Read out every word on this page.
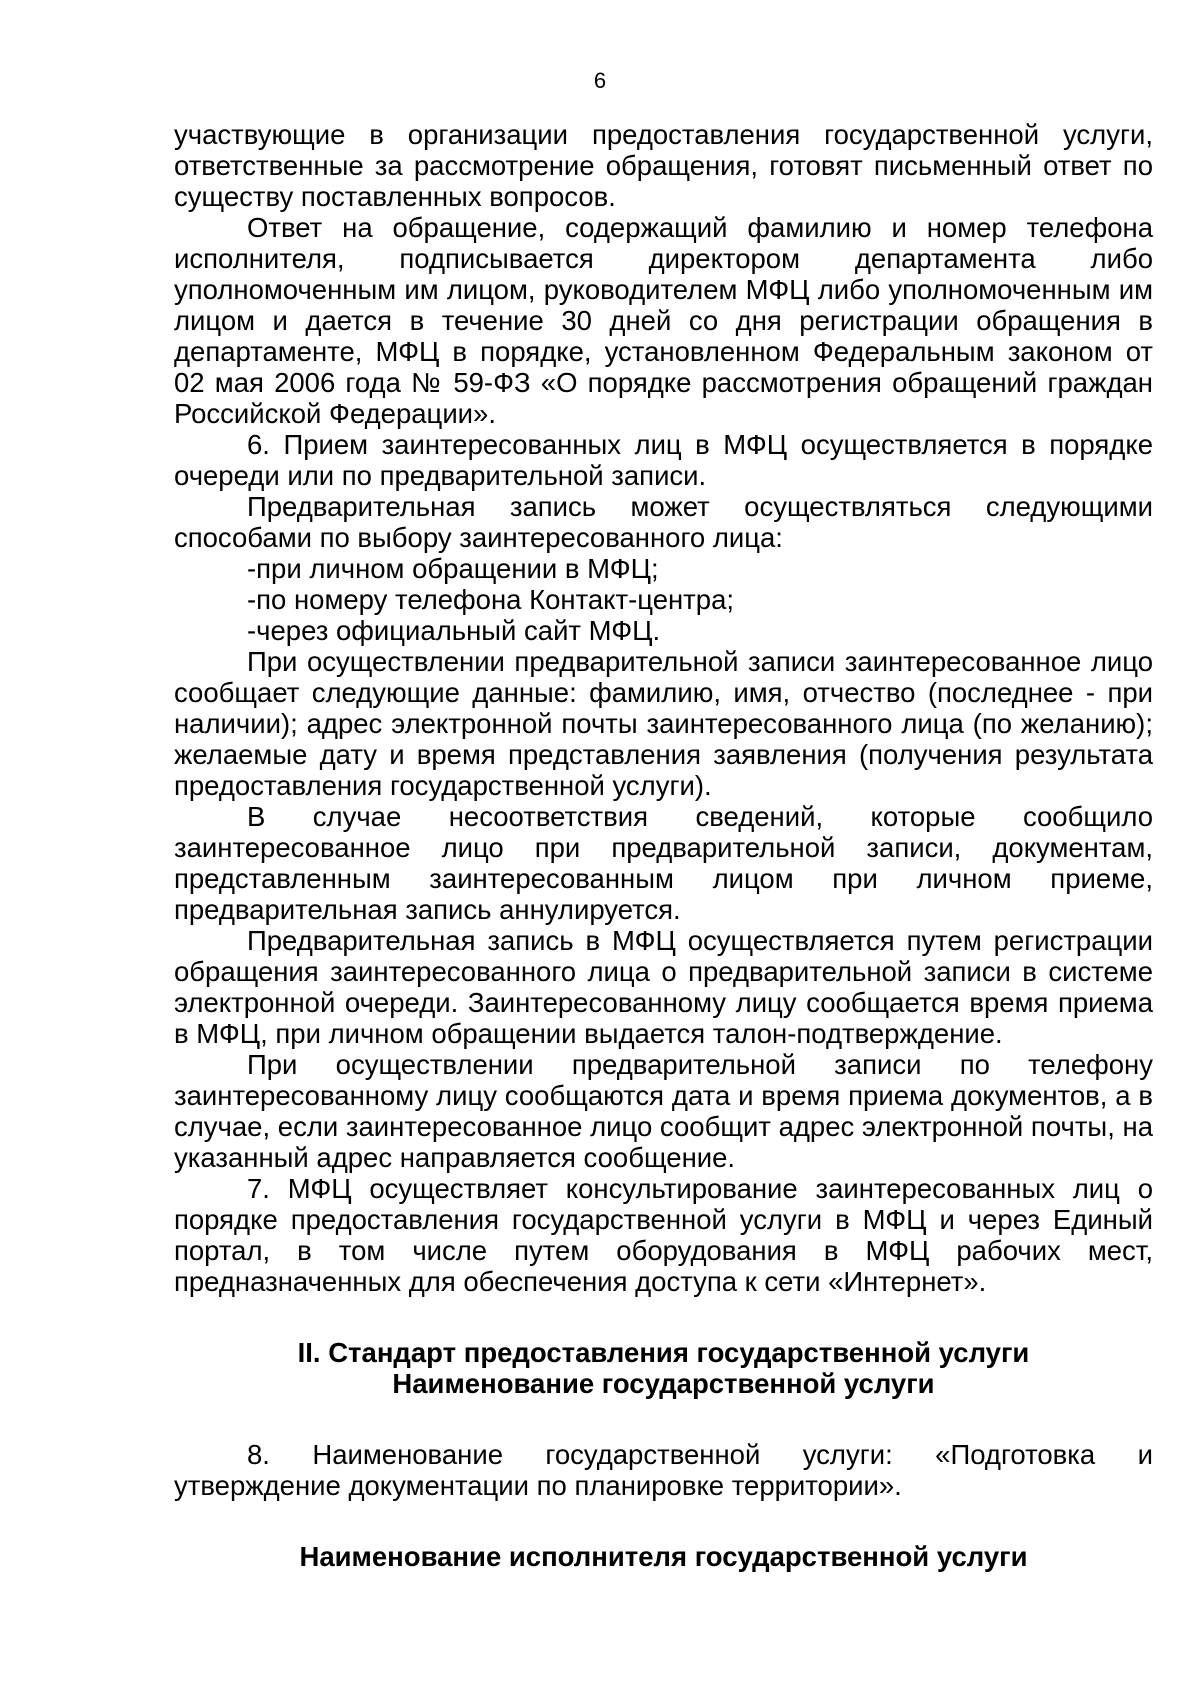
6

участвующие в организации предоставления государственной услуги, ответственные за рассмотрение обращения, готовят письменный ответ по существу поставленных вопросов.

Ответ на обращение, содержащий фамилию и номер телефона исполнителя, подписывается директором департамента либо уполномоченным им лицом, руководителем МФЦ либо уполномоченным им лицом и дается в течение 30 дней со дня регистрации обращения в департаменте, МФЦ в порядке, установленном Федеральным законом от 02 мая 2006 года № 59-ФЗ «О порядке рассмотрения обращений граждан Российской Федерации».

6. Прием заинтересованных лиц в МФЦ осуществляется в порядке очереди или по предварительной записи.

Предварительная запись может осуществляться следующими способами по выбору заинтересованного лица:

-при личном обращении в МФЦ;

-по номеру телефона Контакт-центра;

-через официальный сайт МФЦ.

При осуществлении предварительной записи заинтересованное лицо сообщает следующие данные: фамилию, имя, отчество (последнее - при наличии); адрес электронной почты заинтересованного лица (по желанию); желаемые дату и время представления заявления (получения результата предоставления государственной услуги).

В случае несоответствия сведений, которые сообщило заинтересованное лицо при предварительной записи, документам, представленным заинтересованным лицом при личном приеме, предварительная запись аннулируется.

Предварительная запись в МФЦ осуществляется путем регистрации обращения заинтересованного лица о предварительной записи в системе электронной очереди. Заинтересованному лицу сообщается время приема в МФЦ, при личном обращении выдается талон-подтверждение.

При осуществлении предварительной записи по телефону заинтересованному лицу сообщаются дата и время приема документов, а в случае, если заинтересованное лицо сообщит адрес электронной почты, на указанный адрес направляется сообщение.

7. МФЦ осуществляет консультирование заинтересованных лиц о порядке предоставления государственной услуги в МФЦ и через Единый портал, в том числе путем оборудования в МФЦ рабочих мест, предназначенных для обеспечения доступа к сети «Интернет».

II. Стандарт предоставления государственной услуги
Наименование государственной услуги

8. Наименование государственной услуги: «Подготовка и

утверждение документации по планировке территории».

Наименование исполнителя государственной услуги
